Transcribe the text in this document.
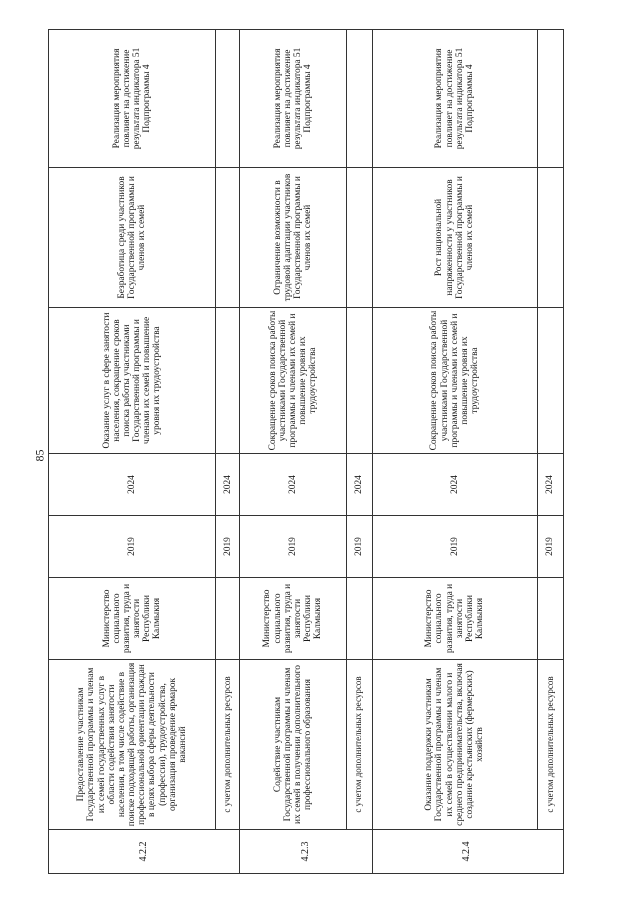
85
4.2.2	Предоставление участникам Государственной программы и членам их семей государственных услуг в области содействия занятости населения, в том числе содействие в поиске подходящей работы, организация профессиональной ориентации граждан в целях выбора сферы деятельности (профессии), трудоустройства, организация проведение ярмарок вакансий	Министерство социального развития, труда и занятости Республики Калмыкия	2019	2024	Оказание услуг в сфере занятости населения, сокращение сроков поиска работы участниками Государственной программы и членами их семей и повышение уровня их трудоустройства	Безработица среди участников Государственной программы и членов их семей	Реализация мероприятия повлияет на достижение результата индикатора 51 Подпрограммы 4
	с учетом дополнительных ресурсов		2019	2024			
4.2.3	Содействие участникам Государственной программы и членам их семей в получении дополнительного профессионального образования	Министерство социального развития, труда и занятости Республики Калмыкия	2019	2024	Сокращение сроков поиска работы участниками Государственной программы и членами их семей и повышение уровня их трудоустройства	Ограничение возможности в трудовой адаптации участников Государственной программы и членов их семей	Реализация мероприятия повлияет на достижение результата индикатора 51 Подпрограммы 4
	с учетом дополнительных ресурсов		2019	2024			
4.2.4	Оказание поддержки участникам Государственной программы и членам их семей в осуществлении малого и среднего предпринимательства, включая создание крестьянских (фермерских) хозяйств	Министерство социального развития, труда и занятости Республики Калмыкия	2019	2024	Сокращение сроков поиска работы участниками Государственной программы и членами их семей и повышение уровня их трудоустройства	Рост национальной напряженности у участников Государственной программы и членов их семей	Реализация мероприятия повлияет на достижение результата индикатора 51 Подпрограммы 4
	с учетом дополнительных ресурсов		2019	2024			
